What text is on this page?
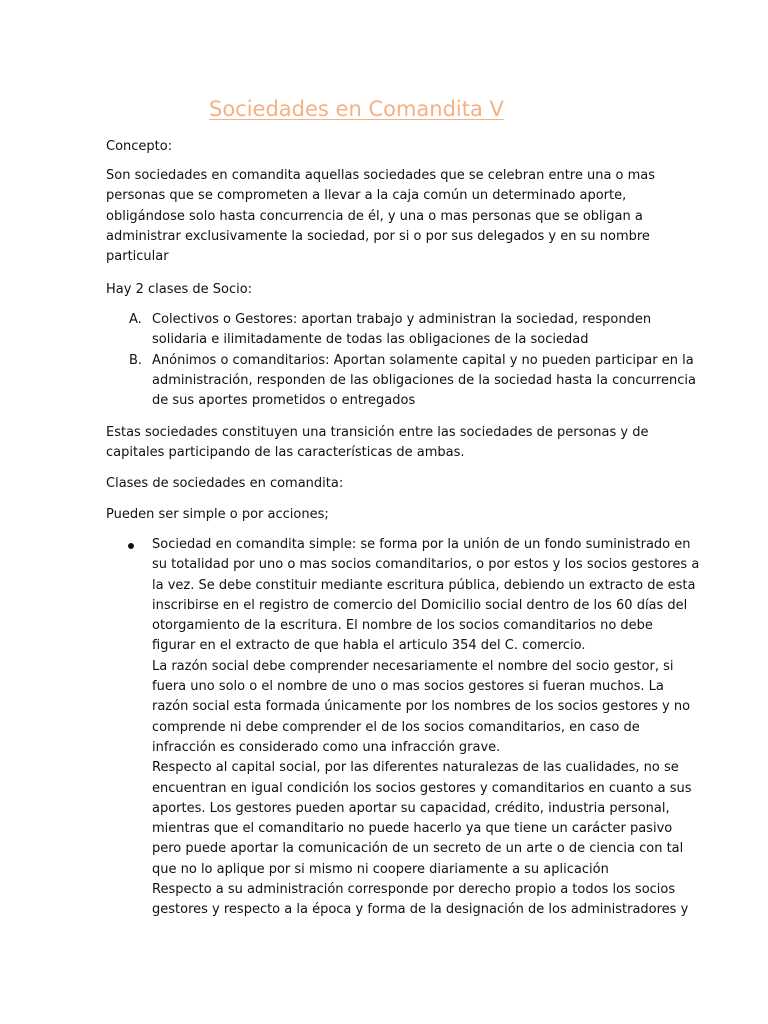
Sociedades en Comandita V

Concepto:

Son sociedades en comandita aquellas sociedades que se celebran entre una o mas
personas que se comprometen a llevar a la caja común un determinado aporte,
obligándose solo hasta concurrencia de él, y una o mas personas que se obligan a
administrar exclusivamente la sociedad, por si o por sus delegados y en su nombre
particular

Hay 2 clases de Socio:

A. Colectivos o Gestores: aportan trabajo y administran la sociedad, responden
solidaria e ilimitadamente de todas las obligaciones de la sociedad
B. Anónimos o comanditarios: Aportan solamente capital y no pueden participar en la
administración, responden de las obligaciones de la sociedad hasta la concurrencia
de sus aportes prometidos o entregados

Estas sociedades constituyen una transición entre las sociedades de personas y de
capitales participando de las características de ambas.

Clases de sociedades en comandita:

Pueden ser simple o por acciones;

Sociedad en comandita simple: se forma por la unión de un fondo suministrado en
su totalidad por uno o mas socios comanditarios, o por estos y los socios gestores a
la vez. Se debe constituir mediante escritura pública, debiendo un extracto de esta
inscribirse en el registro de comercio del Domicilio social dentro de los 60 días del
otorgamiento de la escritura. El nombre de los socios comanditarios no debe
figurar en el extracto de que habla el articulo 354 del C. comercio.
La razón social debe comprender necesariamente el nombre del socio gestor, si
fuera uno solo o el nombre de uno o mas socios gestores si fueran muchos. La
razón social esta formada únicamente por los nombres de los socios gestores y no
comprende ni debe comprender el de los socios comanditarios, en caso de
infracción es considerado como una infracción grave.
Respecto al capital social, por las diferentes naturalezas de las cualidades, no se
encuentran en igual condición los socios gestores y comanditarios en cuanto a sus
aportes. Los gestores pueden aportar su capacidad, crédito, industria personal,
mientras que el comanditario no puede hacerlo ya que tiene un carácter pasivo
pero puede aportar la comunicación de un secreto de un arte o de ciencia con tal
que no lo aplique por si mismo ni coopere diariamente a su aplicación
Respecto a su administración corresponde por derecho propio a todos los socios
gestores y respecto a la época y forma de la designación de los administradores y
